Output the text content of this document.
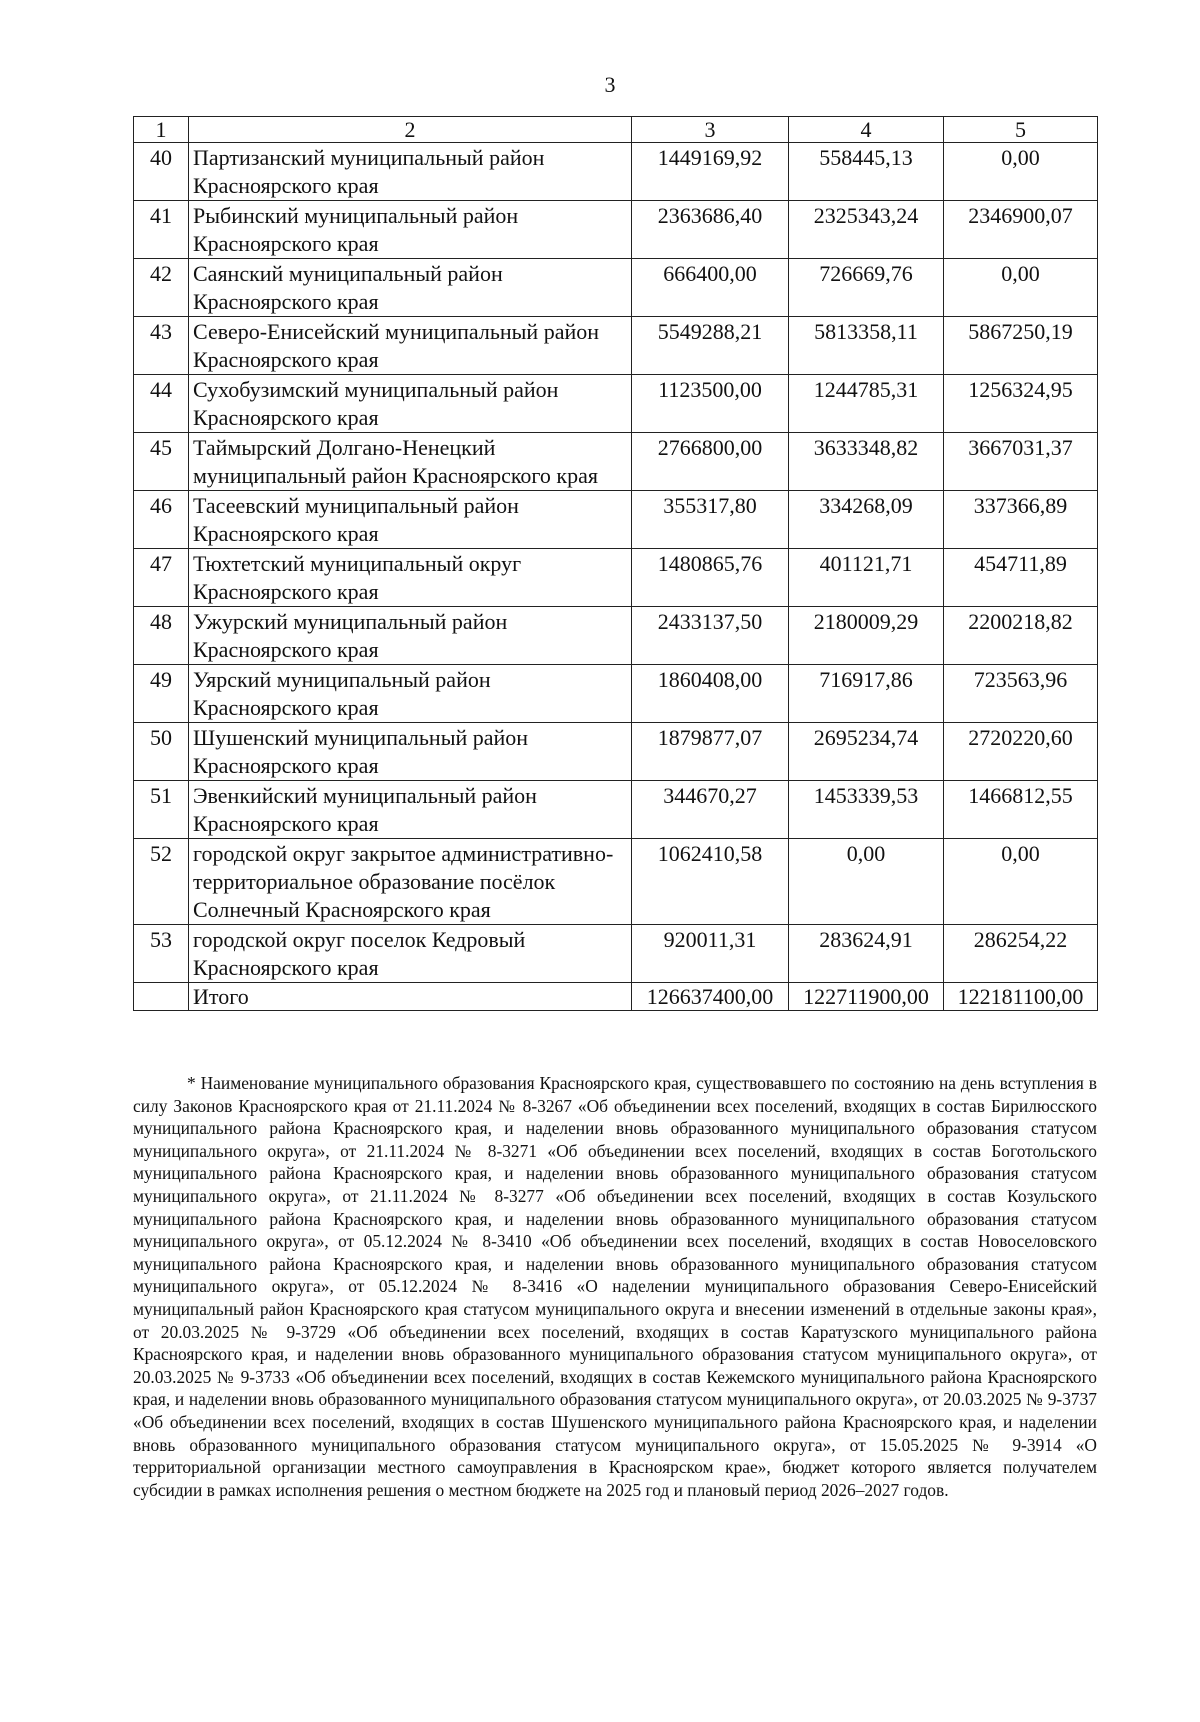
3
1	2	3	4	5
40	Партизанский муниципальный район Красноярского края	1449169,92	558445,13	0,00
41	Рыбинский муниципальный район Красноярского края	2363686,40	2325343,24	2346900,07
42	Саянский муниципальный район Красноярского края	666400,00	726669,76	0,00
43	Северо-Енисейский муниципальный район Красноярского края	5549288,21	5813358,11	5867250,19
44	Сухобузимский муниципальный район Красноярского края	1123500,00	1244785,31	1256324,95
45	Таймырский Долгано-Ненецкий муниципальный район Красноярского края	2766800,00	3633348,82	3667031,37
46	Тасеевский муниципальный район Красноярского края	355317,80	334268,09	337366,89
47	Тюхтетский муниципальный округ Красноярского края	1480865,76	401121,71	454711,89
48	Ужурский муниципальный район Красноярского края	2433137,50	2180009,29	2200218,82
49	Уярский муниципальный район Красноярского края	1860408,00	716917,86	723563,96
50	Шушенский муниципальный район Красноярского края	1879877,07	2695234,74	2720220,60
51	Эвенкийский муниципальный район Красноярского края	344670,27	1453339,53	1466812,55
52	городской округ закрытое административно-территориальное образование посёлок Солнечный Красноярского края	1062410,58	0,00	0,00
53	городской округ поселок Кедровый Красноярского края	920011,31	283624,91	286254,22
	Итого	126637400,00	122711900,00	122181100,00

* Наименование муниципального образования Красноярского края, существовавшего по состоянию на день вступления в силу Законов Красноярского края от 21.11.2024 № 8-3267 «Об объединении всех поселений, входящих в состав Бирилюсского муниципального района Красноярского края, и наделении вновь образованного муниципального образования статусом муниципального округа», от 21.11.2024 № 8-3271 «Об объединении всех поселений, входящих в состав Боготольского муниципального района Красноярского края, и наделении вновь образованного муниципального образования статусом муниципального округа», от 21.11.2024 № 8-3277 «Об объединении всех поселений, входящих в состав Козульского муниципального района Красноярского края, и наделении вновь образованного муниципального образования статусом муниципального округа», от 05.12.2024 № 8-3410 «Об объединении всех поселений, входящих в состав Новоселовского муниципального района Красноярского края, и наделении вновь образованного муниципального образования статусом муниципального округа», от 05.12.2024 № 8-3416 «О наделении муниципального образования Северо-Енисейский муниципальный район Красноярского края статусом муниципального округа и внесении изменений в отдельные законы края», от 20.03.2025 № 9-3729 «Об объединении всех поселений, входящих в состав Каратузского муниципального района Красноярского края, и наделении вновь образованного муниципального образования статусом муниципального округа», от 20.03.2025 № 9-3733 «Об объединении всех поселений, входящих в состав Кежемского муниципального района Красноярского края, и наделении вновь образованного муниципального образования статусом муниципального округа», от 20.03.2025 № 9-3737 «Об объединении всех поселений, входящих в состав Шушенского муниципального района Красноярского края, и наделении вновь образованного муниципального образования статусом муниципального округа», от 15.05.2025 № 9-3914 «О территориальной организации местного самоуправления в Красноярском крае», бюджет которого является получателем субсидии в рамках исполнения решения о местном бюджете на 2025 год и плановый период 2026–2027 годов.
